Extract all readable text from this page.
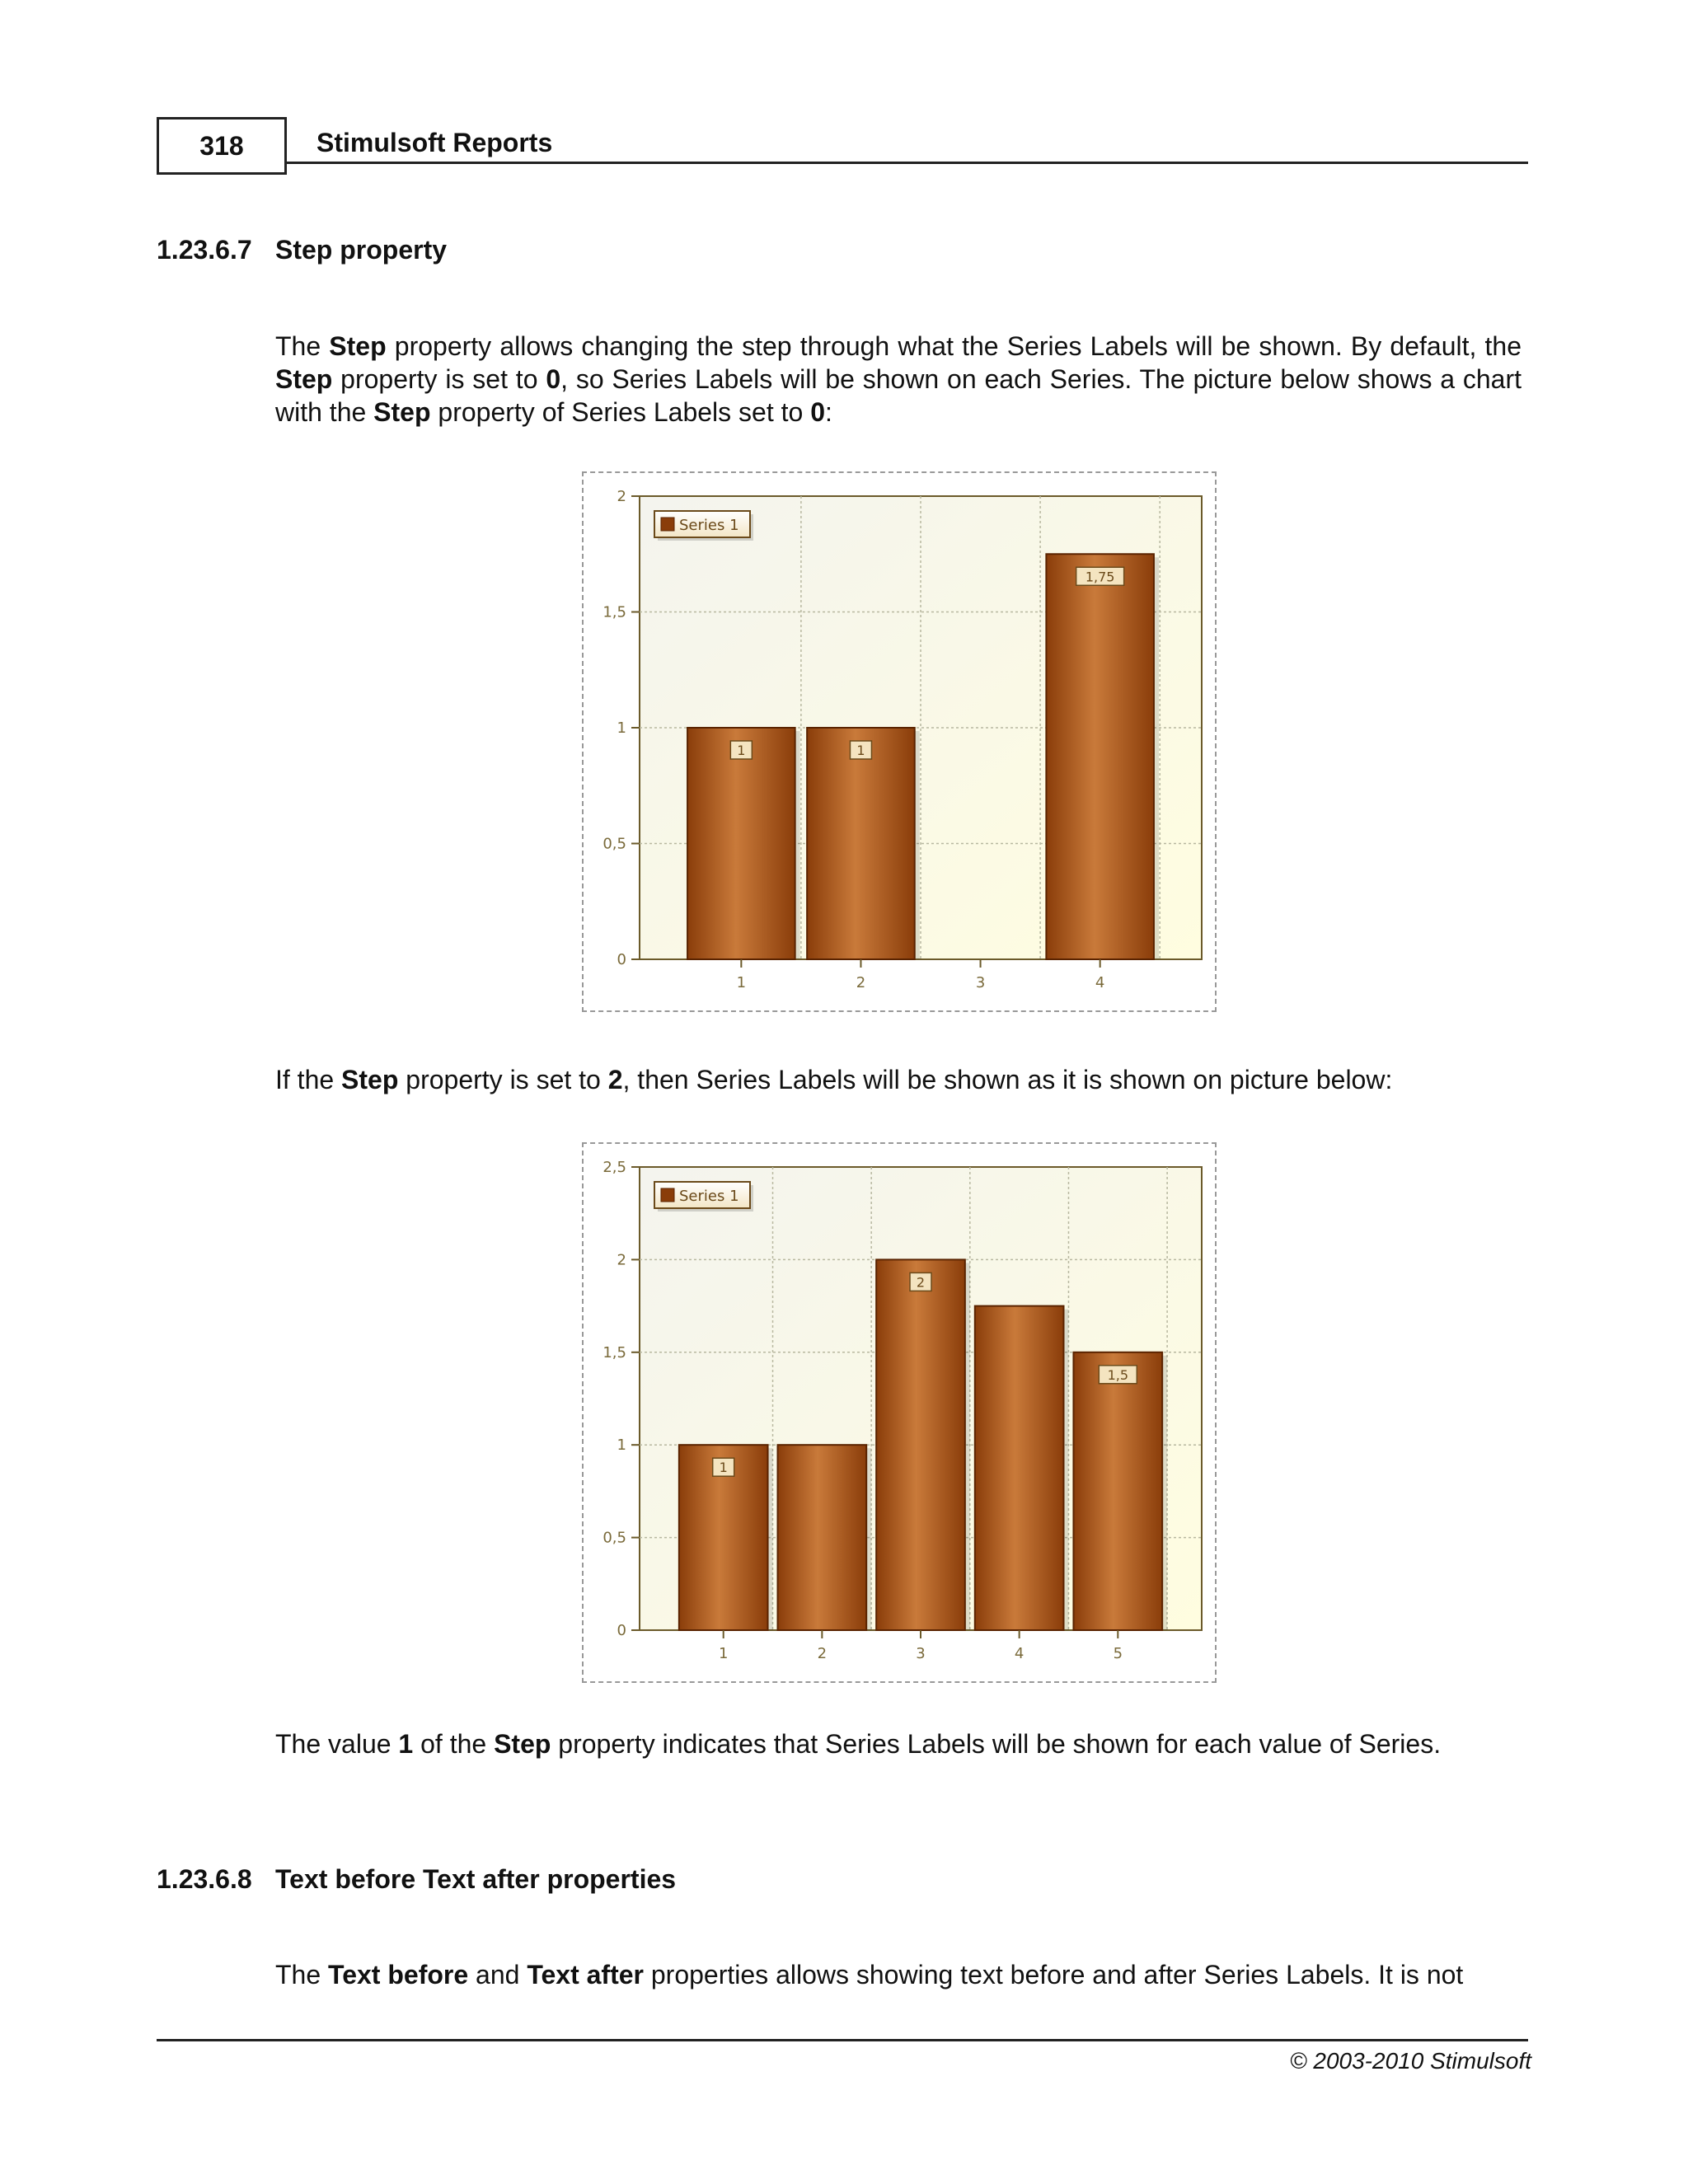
318	Stimulsoft Reports
1.23.6.7 Step property
The Step property allows changing the step through what the Series Labels will be shown. By default, the Step property is set to 0, so Series Labels will be shown on each Series. The picture below shows a chart with the Step property of Series Labels set to 0:
0
0,5
1
1,5
2
1
1
1
2	3
1,75
4
Series 1
If the Step property is set to 2, then Series Labels will be shown as it is shown on picture below:
0
0,5
1
1,5
2
2,5
1
1	2
2
3	4
1,5
5
Series 1
The value 1 of the Step property indicates that Series Labels will be shown for each value of Series.
1.23.6.8 Text before Text after properties
The Text before and Text after properties allows showing text before and after Series Labels. It is not
© 2003-2010 Stimulsoft
